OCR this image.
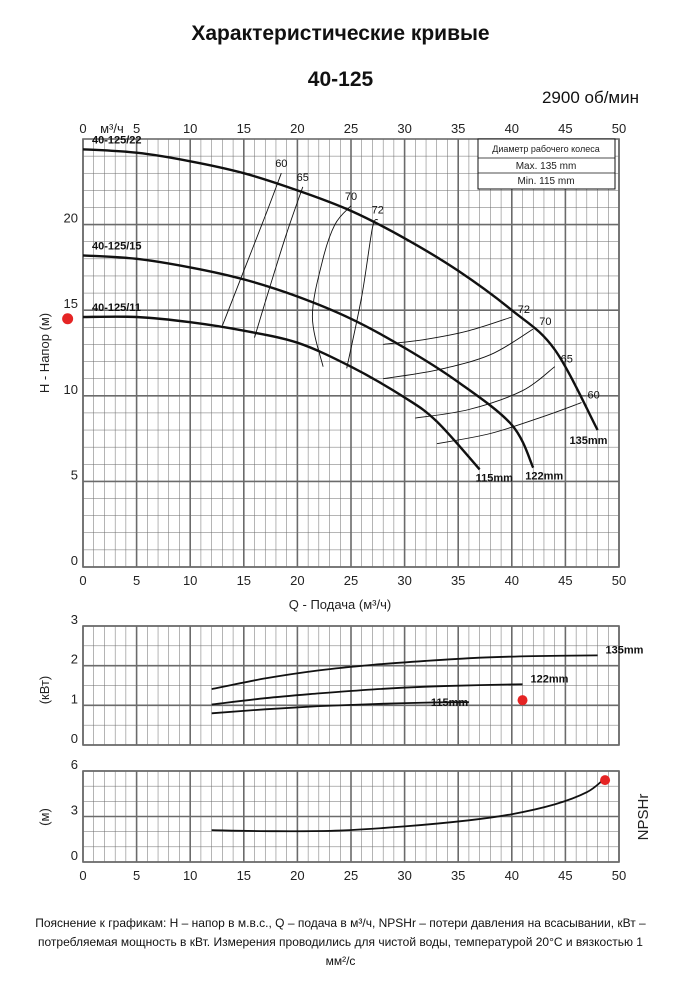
Характеристические кривые
40-125
2900 об/мин
Пояснение к графикам: Н – напор в м.в.с., Q – подача в м³/ч, NPSHr – потери давления на всасывании, кВт – потребляемая мощность в кВт. Измерения проводились для чистой воды, температурой 20°C и вязкостью 1 мм²/с
0
5
10
15
20
0	5	10	15	20	25	30	35	40	45	50
5	10	15	20	25	30	35	40	45	50
0 м³/ч
Q - Подача (м³/ч)
H - Напор (м)
Диаметр рабочего колеса
Max. 135 mm
Min. 115 mm
60
65
70
72
72
70
65
60
135mm
40-125/22
122mm
40-125/15
115mm
40-125/11
0
1
2
3
(кВт)
135mm
122mm
115mm
0
3
6
0	5	10	15	20	25	30	35	40	45	50
(м)	NPSHr
